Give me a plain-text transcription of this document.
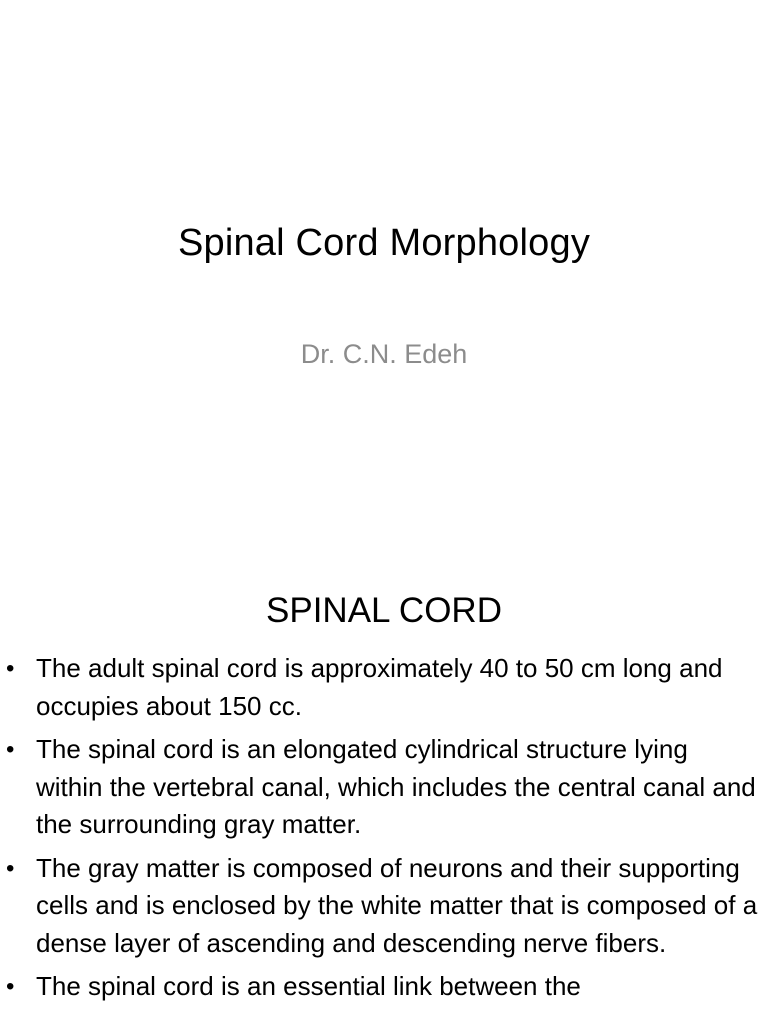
Spinal Cord Morphology
Dr. C.N. Edeh
SPINAL CORD
• The adult spinal cord is approximately 40 to 50 cm long and occupies about 150 cc.
• The spinal cord is an elongated cylindrical structure lying within the vertebral canal, which includes the central canal and the surrounding gray matter.
• The gray matter is composed of neurons and their supporting cells and is enclosed by the white matter that is composed of a dense layer of ascending and descending nerve fibers.
• The spinal cord is an essential link between the
